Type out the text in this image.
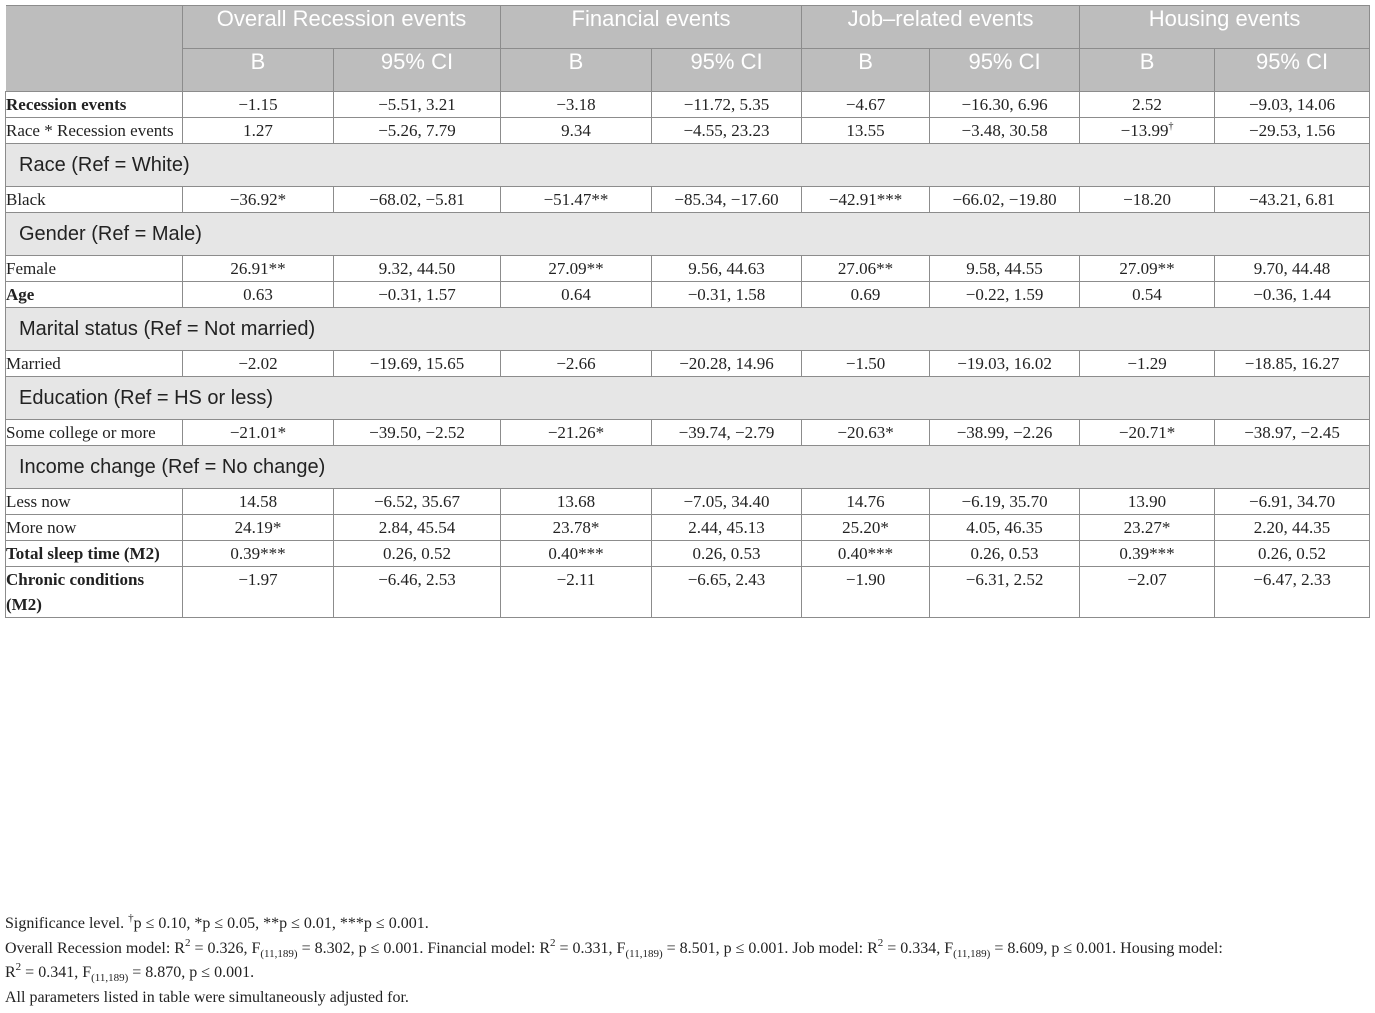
	Overall Recession events		Financial events		Job–related events		Housing events	
	B	95% CI	B	95% CI	B	95% CI	B	95% CI
Recession events	−1.15	−5.51, 3.21	−3.18	−11.72, 5.35	−4.67	−16.30, 6.96	2.52	−9.03, 14.06
Race * Recession events	1.27	−5.26, 7.79	9.34	−4.55, 23.23	13.55	−3.48, 30.58	−13.99†	−29.53, 1.56
Race (Ref = White)								
Black	−36.92*	−68.02, −5.81	−51.47**	−85.34, −17.60	−42.91***	−66.02, −19.80	−18.20	−43.21, 6.81
Gender (Ref = Male)								
Female	26.91**	9.32, 44.50	27.09**	9.56, 44.63	27.06**	9.58, 44.55	27.09**	9.70, 44.48
Age	0.63	−0.31, 1.57	0.64	−0.31, 1.58	0.69	−0.22, 1.59	0.54	−0.36, 1.44
Marital status (Ref = Not married)								
Married	−2.02	−19.69, 15.65	−2.66	−20.28, 14.96	−1.50	−19.03, 16.02	−1.29	−18.85, 16.27
Education (Ref = HS or less)								
Some college or more	−21.01*	−39.50, −2.52	−21.26*	−39.74, −2.79	−20.63*	−38.99, −2.26	−20.71*	−38.97, −2.45
Income change (Ref = No change)								
Less now	14.58	−6.52, 35.67	13.68	−7.05, 34.40	14.76	−6.19, 35.70	13.90	−6.91, 34.70
More now	24.19*	2.84, 45.54	23.78*	2.44, 45.13	25.20*	4.05, 46.35	23.27*	2.20, 44.35
Total sleep time (M2)	0.39***	0.26, 0.52	0.40***	0.26, 0.53	0.40***	0.26, 0.53	0.39***	0.26, 0.52
Chronic conditions (M2)	−1.97	−6.46, 2.53	−2.11	−6.65, 2.43	−1.90	−6.31, 2.52	−2.07	−6.47, 2.33

Significance level. †p ≤ 0.10, *p ≤ 0.05, **p ≤ 0.01, ***p ≤ 0.001.

Overall Recession model: $R^2 = 0.326$, $F_{(11,189)} = 8.302$, p ≤ 0.001. Financial model: $R^2 = 0.331$, $F_{(11,189)} = 8.501$, p ≤ 0.001. Job model: $R^2 = 0.334$, $F_{(11,189)} = 8.609$, p ≤ 0.001. Housing model:
$R^2 = 0.341$, $F_{(11,189)} = 8.870$, p ≤ 0.001.

All parameters listed in table were simultaneously adjusted for.
